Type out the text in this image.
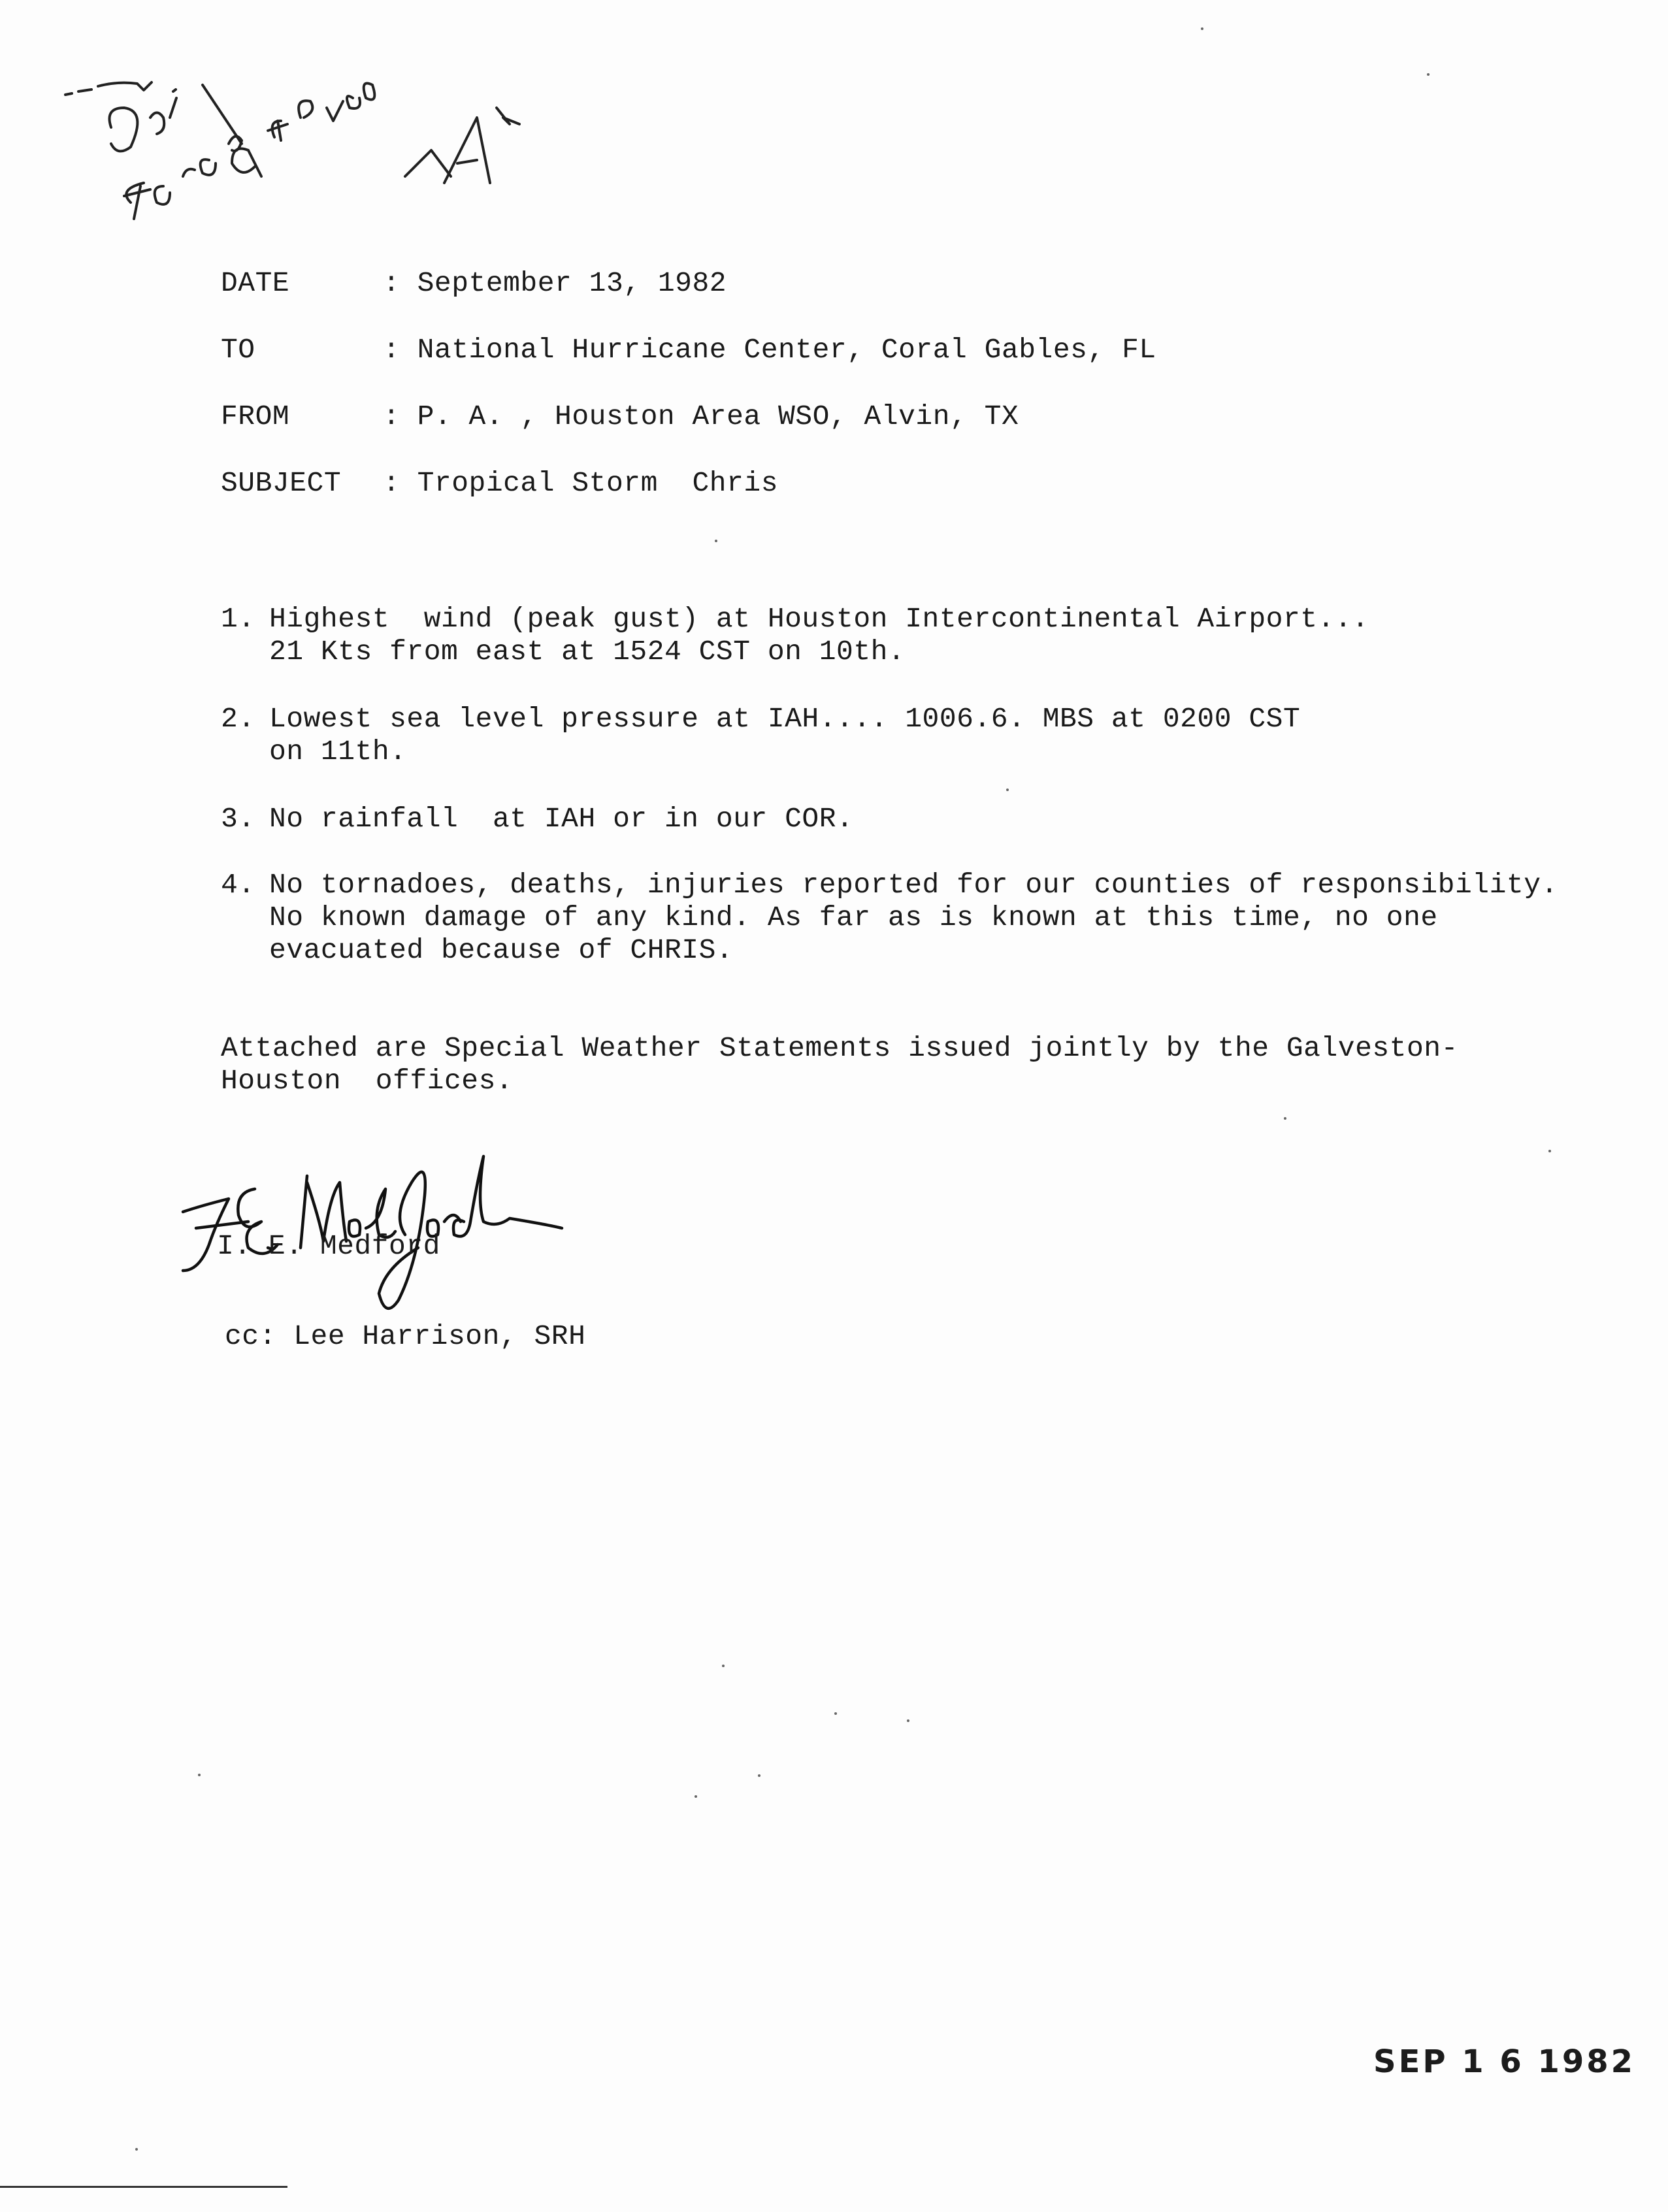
DATE	: September 13, 1982
TO	: National Hurricane Center, Coral Gables, FL
FROM	: P. A. , Houston Area WSO, Alvin, TX
SUBJECT : Tropical Storm  Chris
1. Highest  wind (peak gust) at Houston Intercontinental Airport...
21 Kts from east at 1524 CST on 10th.
2. Lowest sea level pressure at IAH.... 1006.6. MBS at 0200 CST
on 11th.
3. No rainfall  at IAH or in our COR.
4. No tornadoes, deaths, injuries reported for our counties of responsibility.
No known damage of any kind. As far as is known at this time, no one
evacuated because of CHRIS.
Attached are Special Weather Statements issued jointly by the Galveston-
Houston  offices.
I. E. Medford
cc: Lee Harrison, SRH
SEP 1 6 1982
